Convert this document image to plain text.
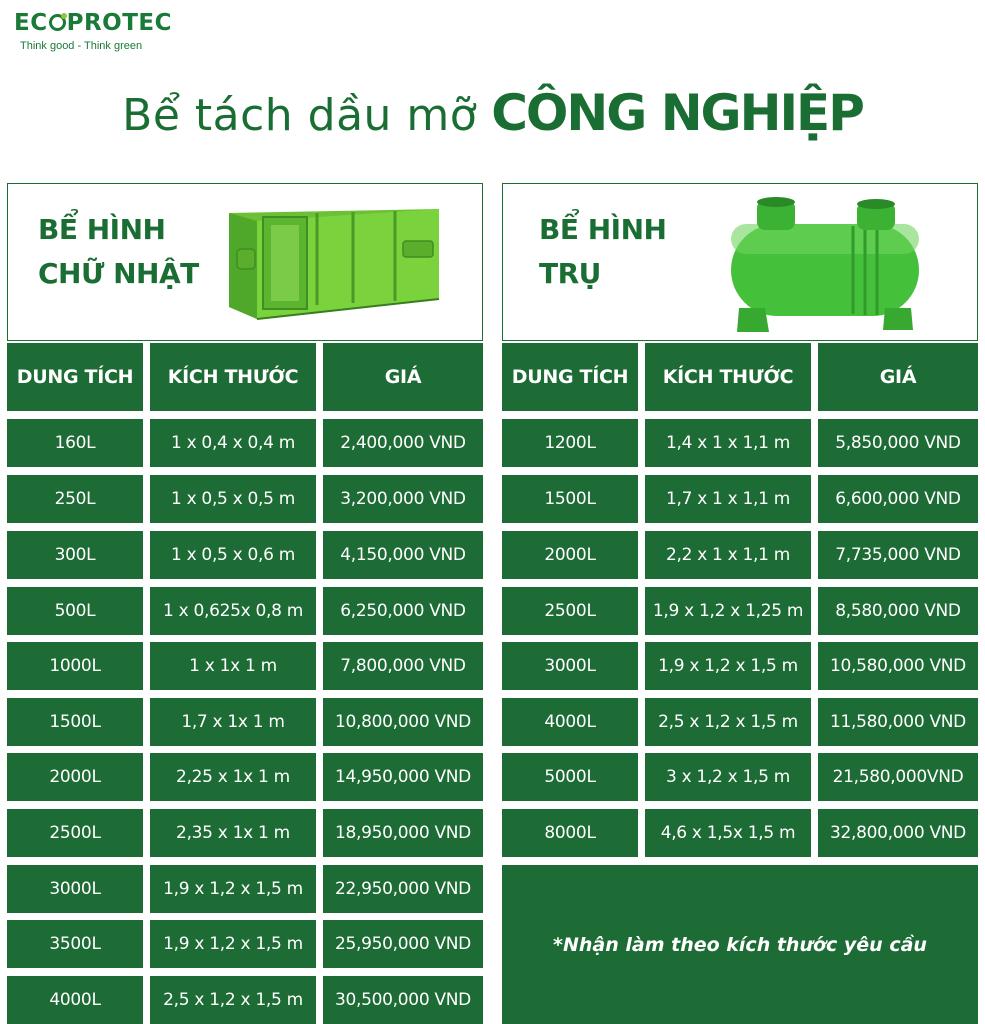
EC PROTEC
Think good - Think green
Bể tách dầu mỡ CÔNG NGHIỆP
BỂ HÌNH
CHỮ NHẬT
BỂ HÌNH
TRỤ
DUNG TÍCH	KÍCH THƯỚC	GIÁ	DUNG TÍCH	KÍCH THƯỚC	GIÁ
160L	1 x 0,4 x 0,4 m	2,400,000 VND
250L	1 x 0,5 x 0,5 m	3,200,000 VND
300L	1 x 0,5 x 0,6 m	4,150,000 VND
500L	1 x 0,625x 0,8 m	6,250,000 VND
1000L	1 x 1x 1 m	7,800,000 VND
1500L	1,7 x 1x 1 m	10,800,000 VND
2000L	2,25 x 1x 1 m	14,950,000 VND
2500L	2,35 x 1x 1 m	18,950,000 VND
3000L	1,9 x 1,2 x 1,5 m	22,950,000 VND
3500L	1,9 x 1,2 x 1,5 m	25,950,000 VND
4000L	2,5 x 1,2 x 1,5 m	30,500,000 VND
1200L	1,4 x 1 x 1,1 m	5,850,000 VND
1500L	1,7 x 1 x 1,1 m	6,600,000 VND
2000L	2,2 x 1 x 1,1 m	7,735,000 VND
2500L	1,9 x 1,2 x 1,25 m	8,580,000 VND
3000L	1,9 x 1,2 x 1,5 m	10,580,000 VND
4000L	2,5 x 1,2 x 1,5 m	11,580,000 VND
5000L	3 x 1,2 x 1,5 m	21,580,000VND
8000L	4,6 x 1,5x 1,5 m	32,800,000 VND
*Nhận làm theo kích thước yêu cầu
